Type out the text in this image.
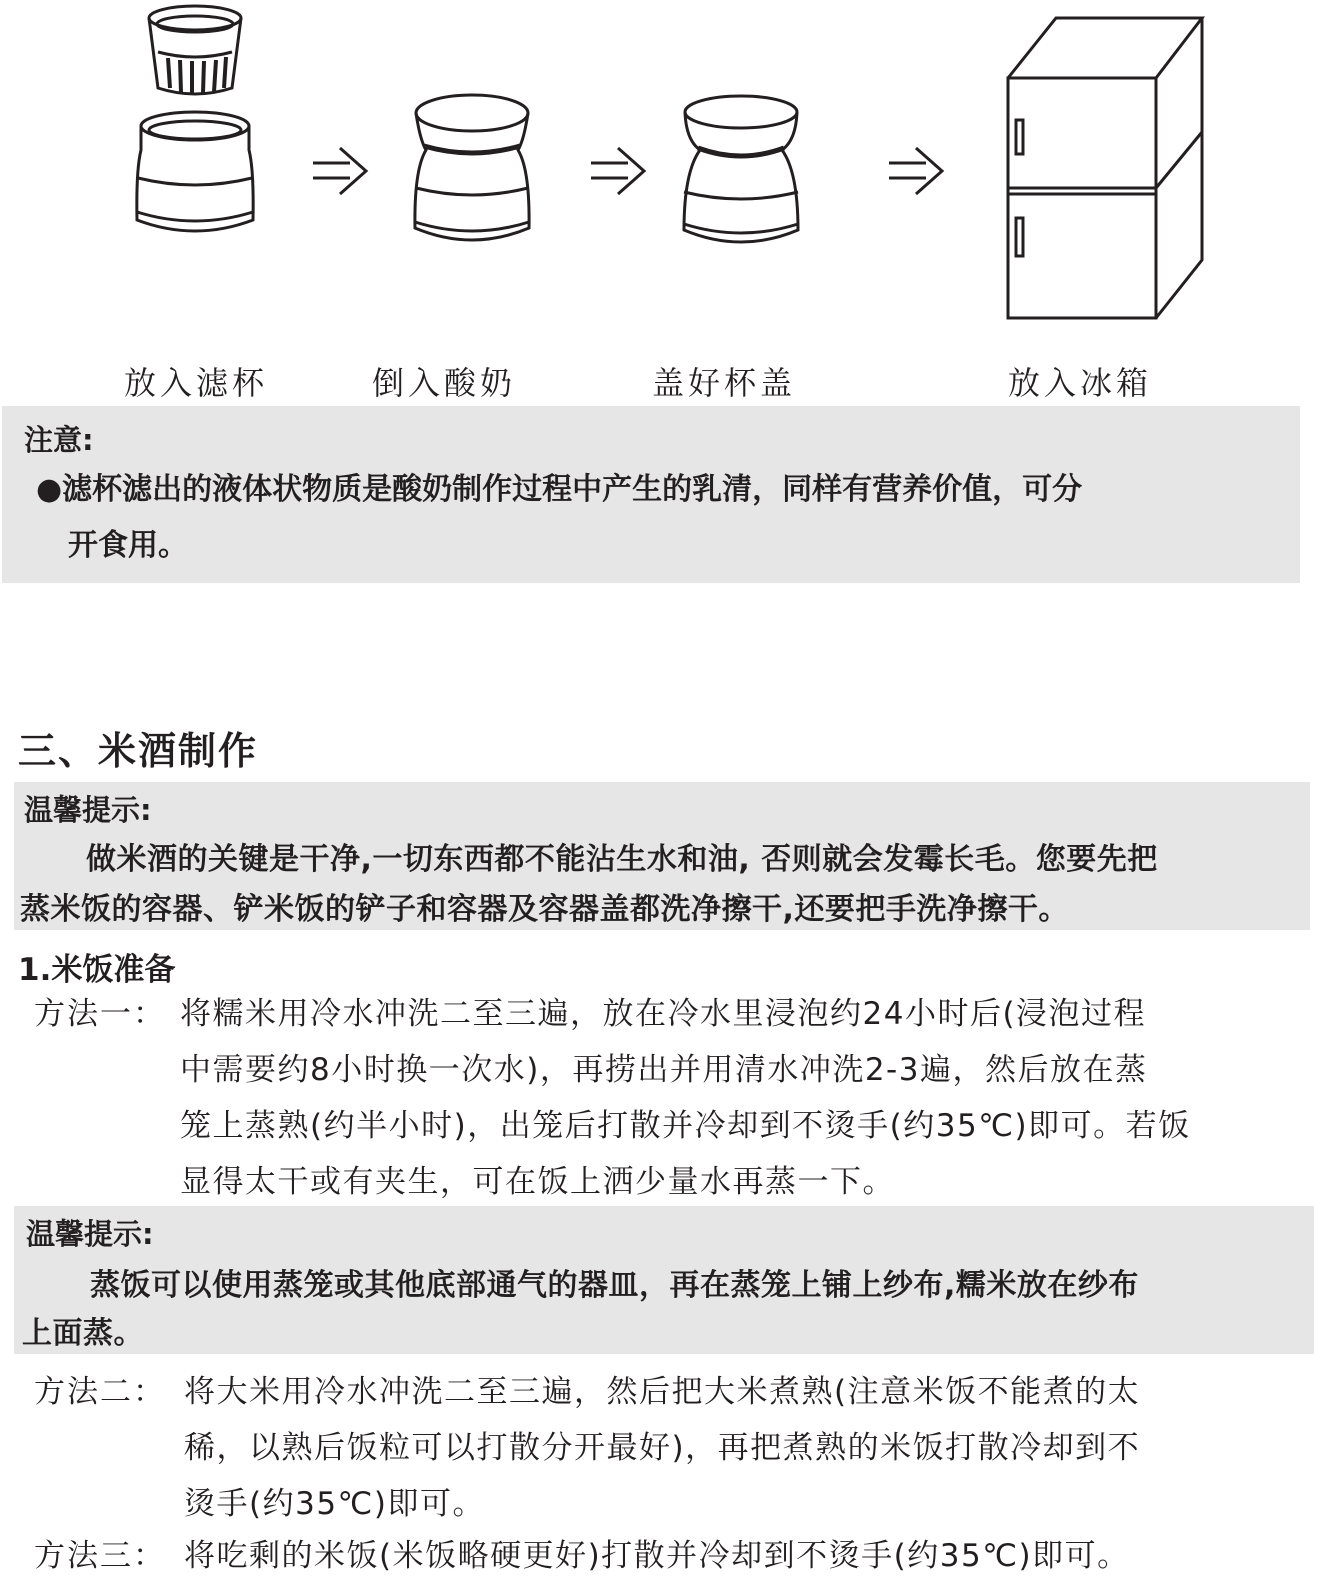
放入滤杯	倒入酸奶	盖好杯盖	放入冰箱
注意:
●滤杯滤出的液体状物质是酸奶制作过程中产生的乳清，同样有营养价值，可分
开食用。
三、米酒制作
温馨提示:
做米酒的关键是干净,一切东西都不能沾生水和油, 否则就会发霉长毛。您要先把
蒸米饭的容器、铲米饭的铲子和容器及容器盖都洗净擦干,还要把手洗净擦干。
1.米饭准备
方法一： 将糯米用冷水冲洗二至三遍，放在冷水里浸泡约24小时后(浸泡过程
中需要约8小时换一次水)，再捞出并用清水冲洗2-3遍，然后放在蒸
笼上蒸熟(约半小时)，出笼后打散并冷却到不烫手(约35℃)即可。若饭
显得太干或有夹生，可在饭上洒少量水再蒸一下。
温馨提示:
蒸饭可以使用蒸笼或其他底部通气的器皿，再在蒸笼上铺上纱布,糯米放在纱布
上面蒸。
方法二： 将大米用冷水冲洗二至三遍，然后把大米煮熟(注意米饭不能煮的太
稀，以熟后饭粒可以打散分开最好)，再把煮熟的米饭打散冷却到不
烫手(约35℃)即可。
方法三： 将吃剩的米饭(米饭略硬更好)打散并冷却到不烫手(约35℃)即可。
